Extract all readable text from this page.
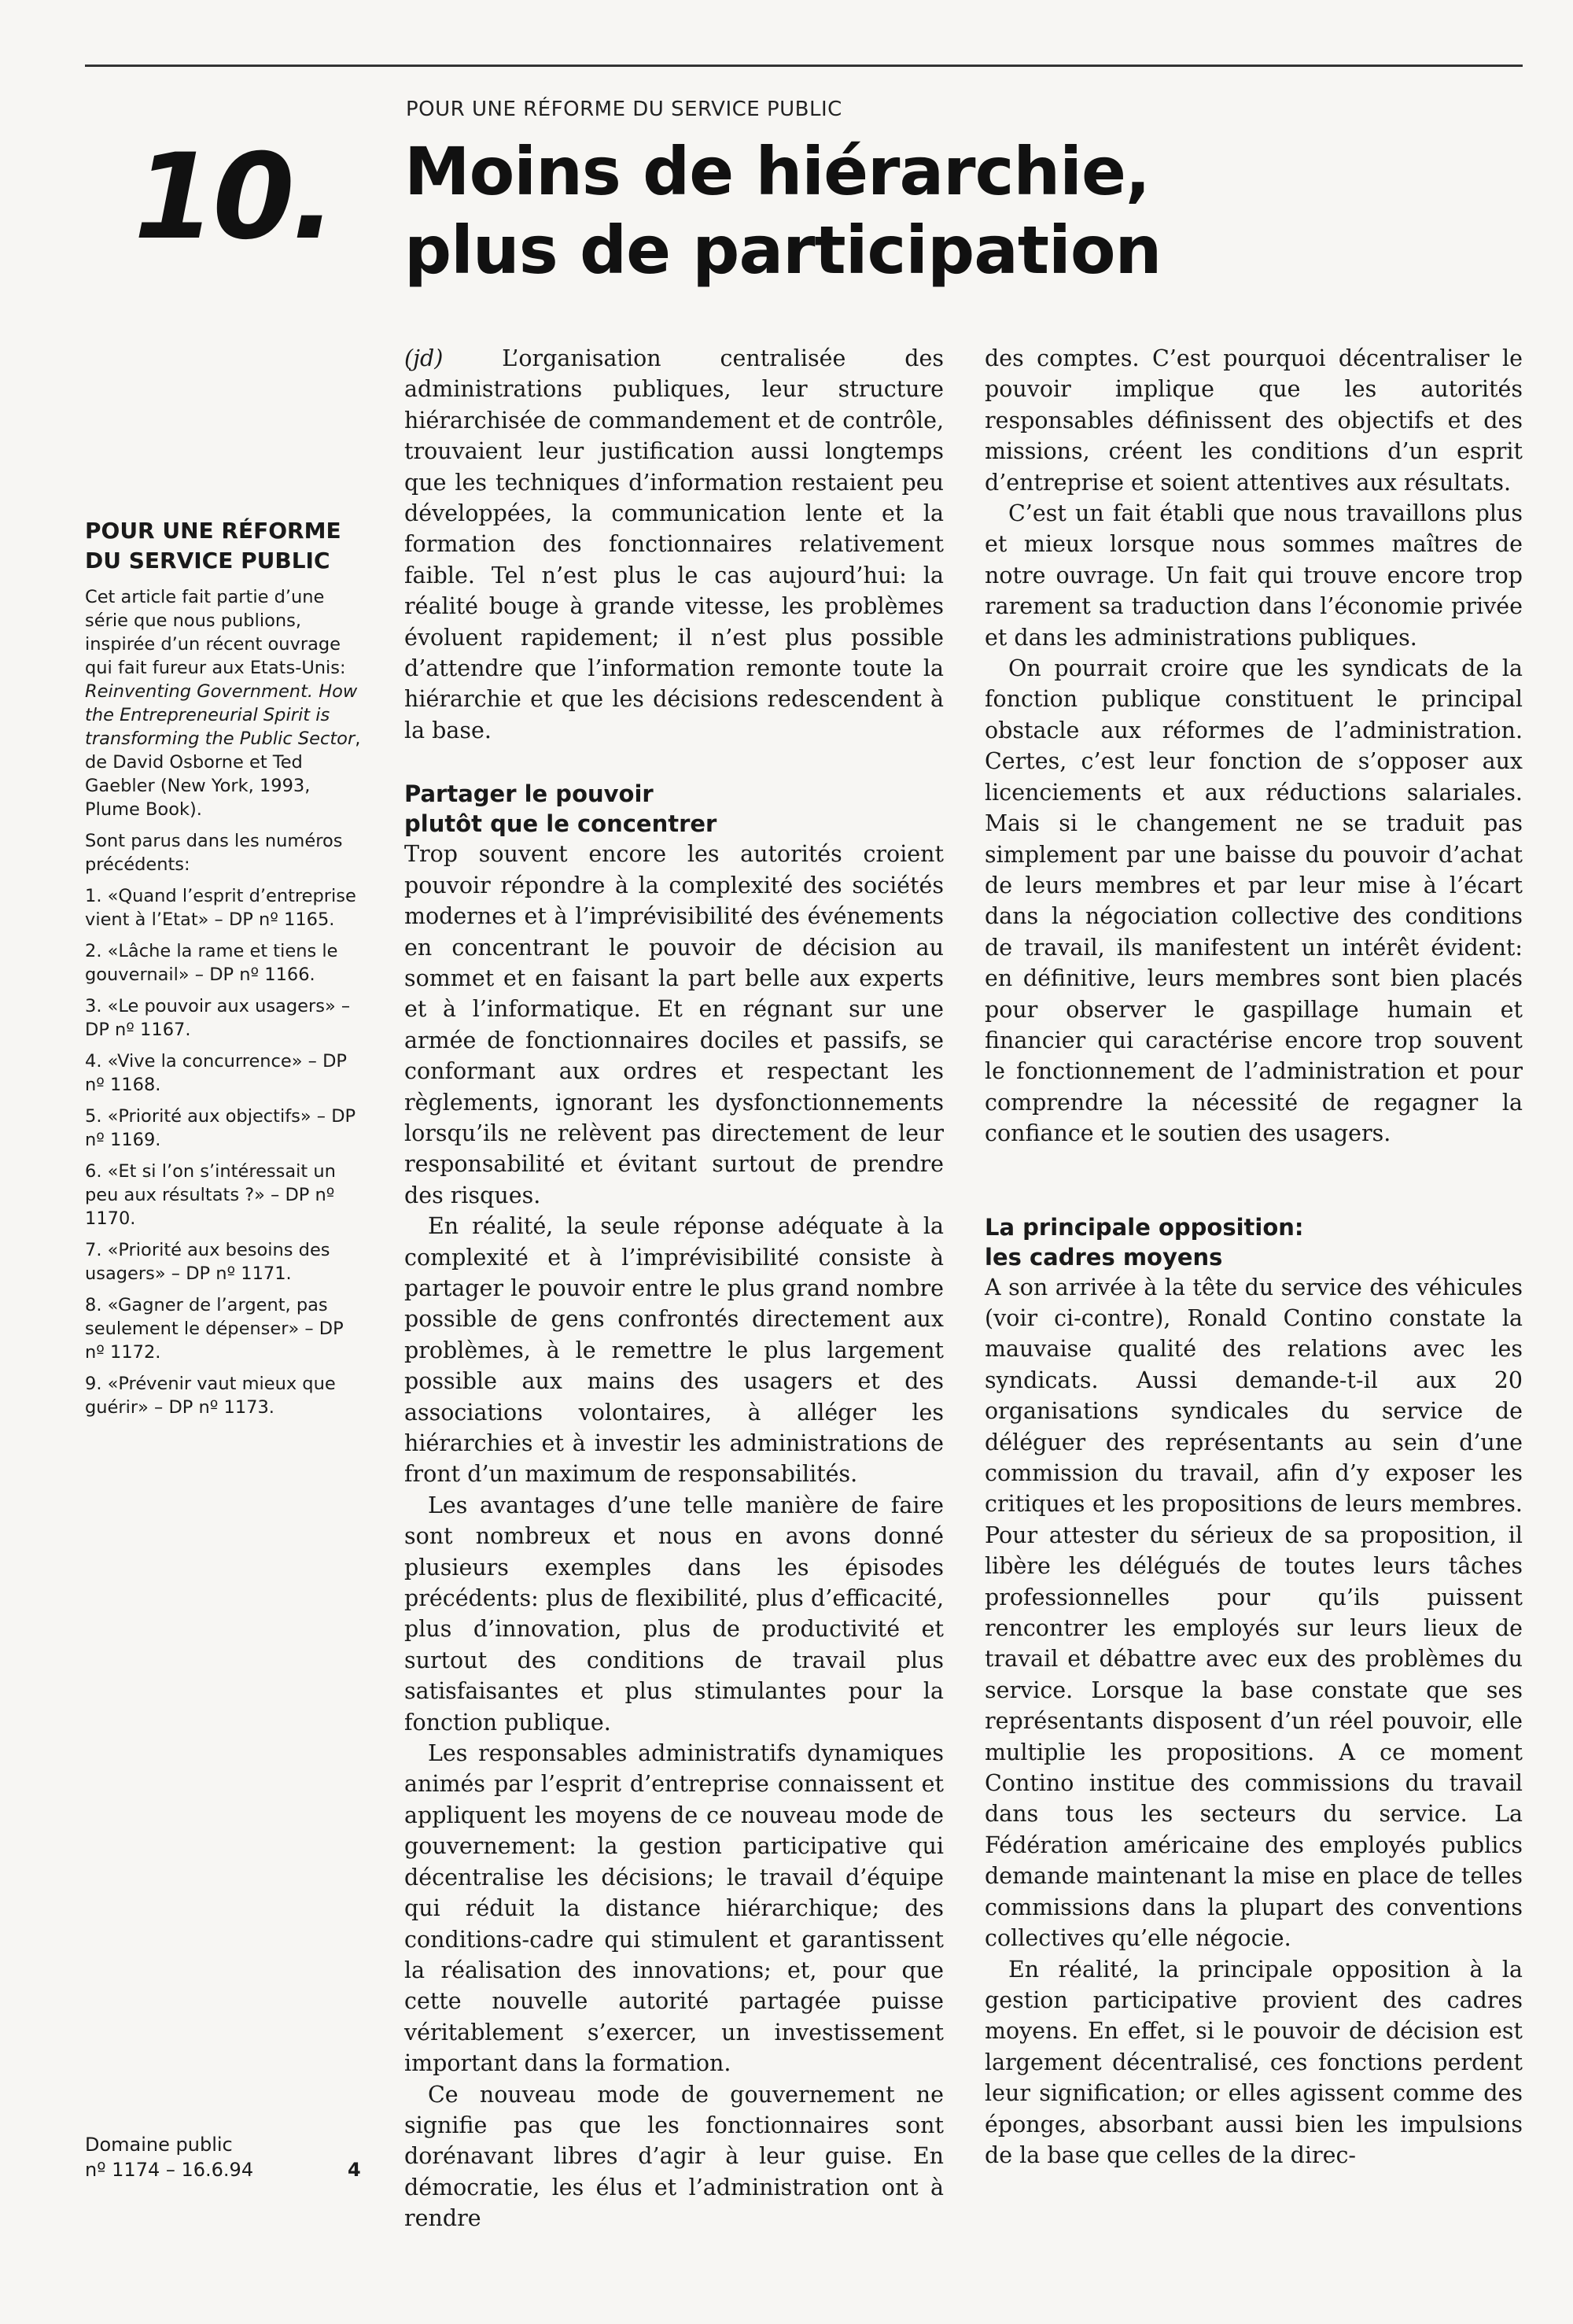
POUR UNE RÉFORME DU SERVICE PUBLIC
10. Moins de hiérarchie,
plus de participation
POUR UNE RÉFORME
DU SERVICE PUBLIC

Cet article fait partie d’une série que nous publions, inspirée d’un récent ouvrage qui fait fureur aux Etats-Unis: Reinventing Government. How the Entrepreneurial Spirit is transforming the Public Sector, de David Osborne et Ted Gaebler (New York, 1993, Plume Book).

Sont parus dans les numéros précédents:

1. «Quand l’esprit d’entreprise vient à l’Etat» – DP nº 1165.
2. «Lâche la rame et tiens le gouvernail» – DP nº 1166.
3. «Le pouvoir aux usagers» – DP nº 1167.
4. «Vive la concurrence» – DP nº 1168.
5. «Priorité aux objectifs» – DP nº 1169.
6. «Et si l’on s’intéressait un peu aux résultats ?» – DP nº 1170.
7. «Priorité aux besoins des usagers» – DP nº 1171.
8. «Gagner de l’argent, pas seulement le dépenser» – DP nº 1172.
9. «Prévenir vaut mieux que guérir» – DP nº 1173.
Domaine public
nº 1174 – 16.6.94	4

(jd) L’organisation centralisée des administrations publiques, leur structure hiérarchisée de commandement et de contrôle, trouvaient leur justification aussi longtemps que les techniques d’information restaient peu développées, la communication lente et la formation des fonctionnaires relativement faible. Tel n’est plus le cas aujourd’hui: la réalité bouge à grande vitesse, les problèmes évoluent rapidement; il n’est plus possible d’attendre que l’information remonte toute la hiérarchie et que les décisions redescendent à la base.

Partager le pouvoir
plutôt que le concentrer

Trop souvent encore les autorités croient pouvoir répondre à la complexité des sociétés modernes et à l’imprévisibilité des événements en concentrant le pouvoir de décision au sommet et en faisant la part belle aux experts et à l’informatique. Et en régnant sur une armée de fonctionnaires dociles et passifs, se conformant aux ordres et respectant les règlements, ignorant les dysfonctionnements lorsqu’ils ne relèvent pas directement de leur responsabilité et évitant surtout de prendre des risques.

En réalité, la seule réponse adéquate à la complexité et à l’imprévisibilité consiste à partager le pouvoir entre le plus grand nombre possible de gens confrontés directement aux problèmes, à le remettre le plus largement possible aux mains des usagers et des associations volontaires, à alléger les hiérarchies et à investir les administrations de front d’un maximum de responsabilités.

Les avantages d’une telle manière de faire sont nombreux et nous en avons donné plusieurs exemples dans les épisodes précédents: plus de flexibilité, plus d’efficacité, plus d’innovation, plus de productivité et surtout des conditions de travail plus satisfaisantes et plus stimulantes pour la fonction publique.

Les responsables administratifs dynamiques animés par l’esprit d’entreprise connaissent et appliquent les moyens de ce nouveau mode de gouvernement: la gestion participative qui décentralise les décisions; le travail d’équipe qui réduit la distance hiérarchique; des conditions-cadre qui stimulent et garantissent la réalisation des innovations; et, pour que cette nouvelle autorité partagée puisse véritablement s’exercer, un investissement important dans la formation.

Ce nouveau mode de gouvernement ne signifie pas que les fonctionnaires sont dorénavant libres d’agir à leur guise. En démocratie, les élus et l’administration ont à rendre

des comptes. C’est pourquoi décentraliser le pouvoir implique que les autorités responsables définissent des objectifs et des missions, créent les conditions d’un esprit d’entreprise et soient attentives aux résultats.

C’est un fait établi que nous travaillons plus et mieux lorsque nous sommes maîtres de notre ouvrage. Un fait qui trouve encore trop rarement sa traduction dans l’économie privée et dans les administrations publiques.

On pourrait croire que les syndicats de la fonction publique constituent le principal obstacle aux réformes de l’administration. Certes, c’est leur fonction de s’opposer aux licenciements et aux réductions salariales. Mais si le changement ne se traduit pas simplement par une baisse du pouvoir d’achat de leurs membres et par leur mise à l’écart dans la négociation collective des conditions de travail, ils manifestent un intérêt évident: en définitive, leurs membres sont bien placés pour observer le gaspillage humain et financier qui caractérise encore trop souvent le fonctionnement de l’administration et pour comprendre la nécessité de regagner la confiance et le soutien des usagers.

La principale opposition:
les cadres moyens

A son arrivée à la tête du service des véhicules (voir ci-contre), Ronald Contino constate la mauvaise qualité des relations avec les syndicats. Aussi demande-t-il aux 20 organisations syndicales du service de déléguer des représentants au sein d’une commission du travail, afin d’y exposer les critiques et les propositions de leurs membres. Pour attester du sérieux de sa proposition, il libère les délégués de toutes leurs tâches professionnelles pour qu’ils puissent rencontrer les employés sur leurs lieux de travail et débattre avec eux des problèmes du service. Lorsque la base constate que ses représentants disposent d’un réel pouvoir, elle multiplie les propositions. A ce moment Contino institue des commissions du travail dans tous les secteurs du service. La Fédération américaine des employés publics demande maintenant la mise en place de telles commissions dans la plupart des conventions collectives qu’elle négocie.

En réalité, la principale opposition à la gestion participative provient des cadres moyens. En effet, si le pouvoir de décision est largement décentralisé, ces fonctions perdent leur signification; or elles agissent comme des éponges, absorbant aussi bien les impulsions de la base que celles de la direc-
